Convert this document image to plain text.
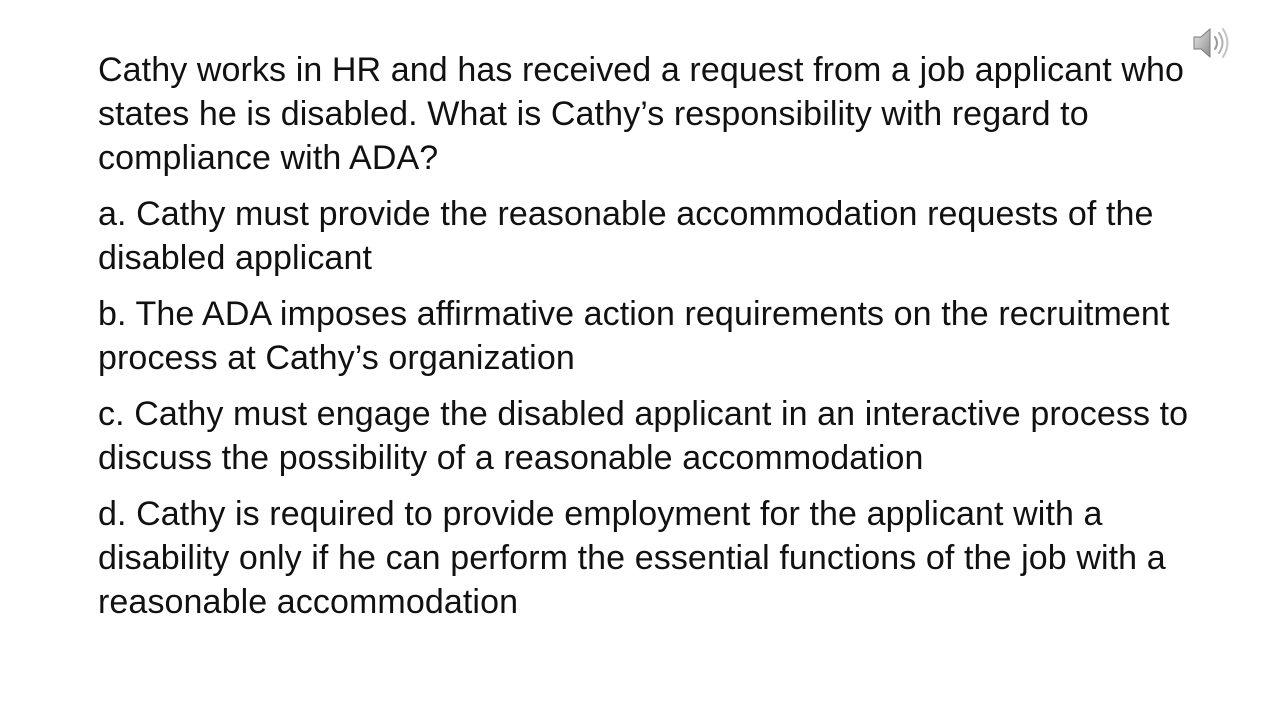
Cathy works in HR and has received a request from a job applicant who states he is disabled. What is Cathy’s responsibility with regard to compliance with ADA?

a. Cathy must provide the reasonable accommodation requests of the disabled applicant

b. The ADA imposes affirmative action requirements on the recruitment process at Cathy’s organization

c. Cathy must engage the disabled applicant in an interactive process to discuss the possibility of a reasonable accommodation

d. Cathy is required to provide employment for the applicant with a disability only if he can perform the essential functions of the job with a reasonable accommodation
